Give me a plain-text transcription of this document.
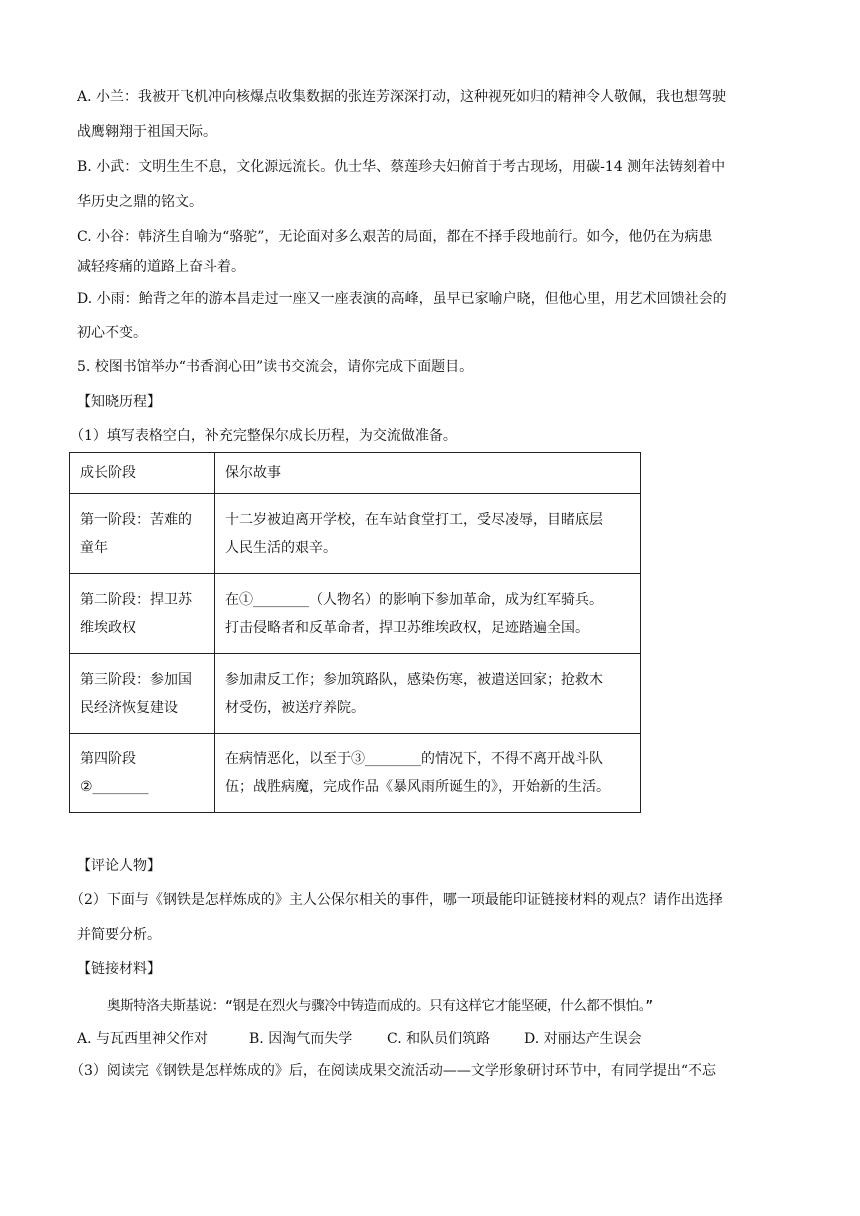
A. 小兰：我被开飞机冲向核爆点收集数据的张连芳深深打动，这种视死如归的精神令人敬佩，我也想驾驶
战鹰翱翔于祖国天际。
B. 小武：文明生生不息，文化源远流长。仇士华、蔡莲珍夫妇俯首于考古现场，用碳-14 测年法铸刻着中
华历史之鼎的铭文。
C. 小谷：韩济生自喻为“骆驼”，无论面对多么艰苦的局面，都在不择手段地前行。如今，他仍在为病患
减轻疼痛的道路上奋斗着。
D. 小雨：鲐背之年的游本昌走过一座又一座表演的高峰，虽早已家喻户晓，但他心里，用艺术回馈社会的
初心不变。
5. 校图书馆举办“书香润心田”读书交流会，请你完成下面题目。
【知晓历程】
（1）填写表格空白，补充完整保尔成长历程，为交流做准备。
成长阶段	保尔故事

第一阶段：苦难的
童年	十二岁被迫离开学校，在车站食堂打工，受尽凌辱，目睹底层
人民生活的艰辛。

第二阶段：捍卫苏
维埃政权	在①________（人物名）的影响下参加革命，成为红军骑兵。
打击侵略者和反革命者，捍卫苏维埃政权，足迹踏遍全国。

第三阶段：参加国
民经济恢复建设	参加肃反工作；参加筑路队，感染伤寒，被遣送回家；抢救木
材受伤，被送疗养院。

第四阶段
②________	在病情恶化，以至于③________的情况下，不得不离开战斗队
伍；战胜病魔，完成作品《暴风雨所诞生的》，开始新的生活。
【评论人物】
（2）下面与《钢铁是怎样炼成的》主人公保尔相关的事件，哪一项最能印证链接材料的观点？请作出选择
并简要分析。
【链接材料】
奥斯特洛夫斯基说：“钢是在烈火与骤冷中铸造而成的。只有这样它才能坚硬，什么都不惧怕。”
A. 与瓦西里神父作对	B. 因淘气而失学 C. 和队员们筑路 D. 对丽达产生误会
（3）阅读完《钢铁是怎样炼成的》后，在阅读成果交流活动——文学形象研讨环节中，有同学提出“不忘
